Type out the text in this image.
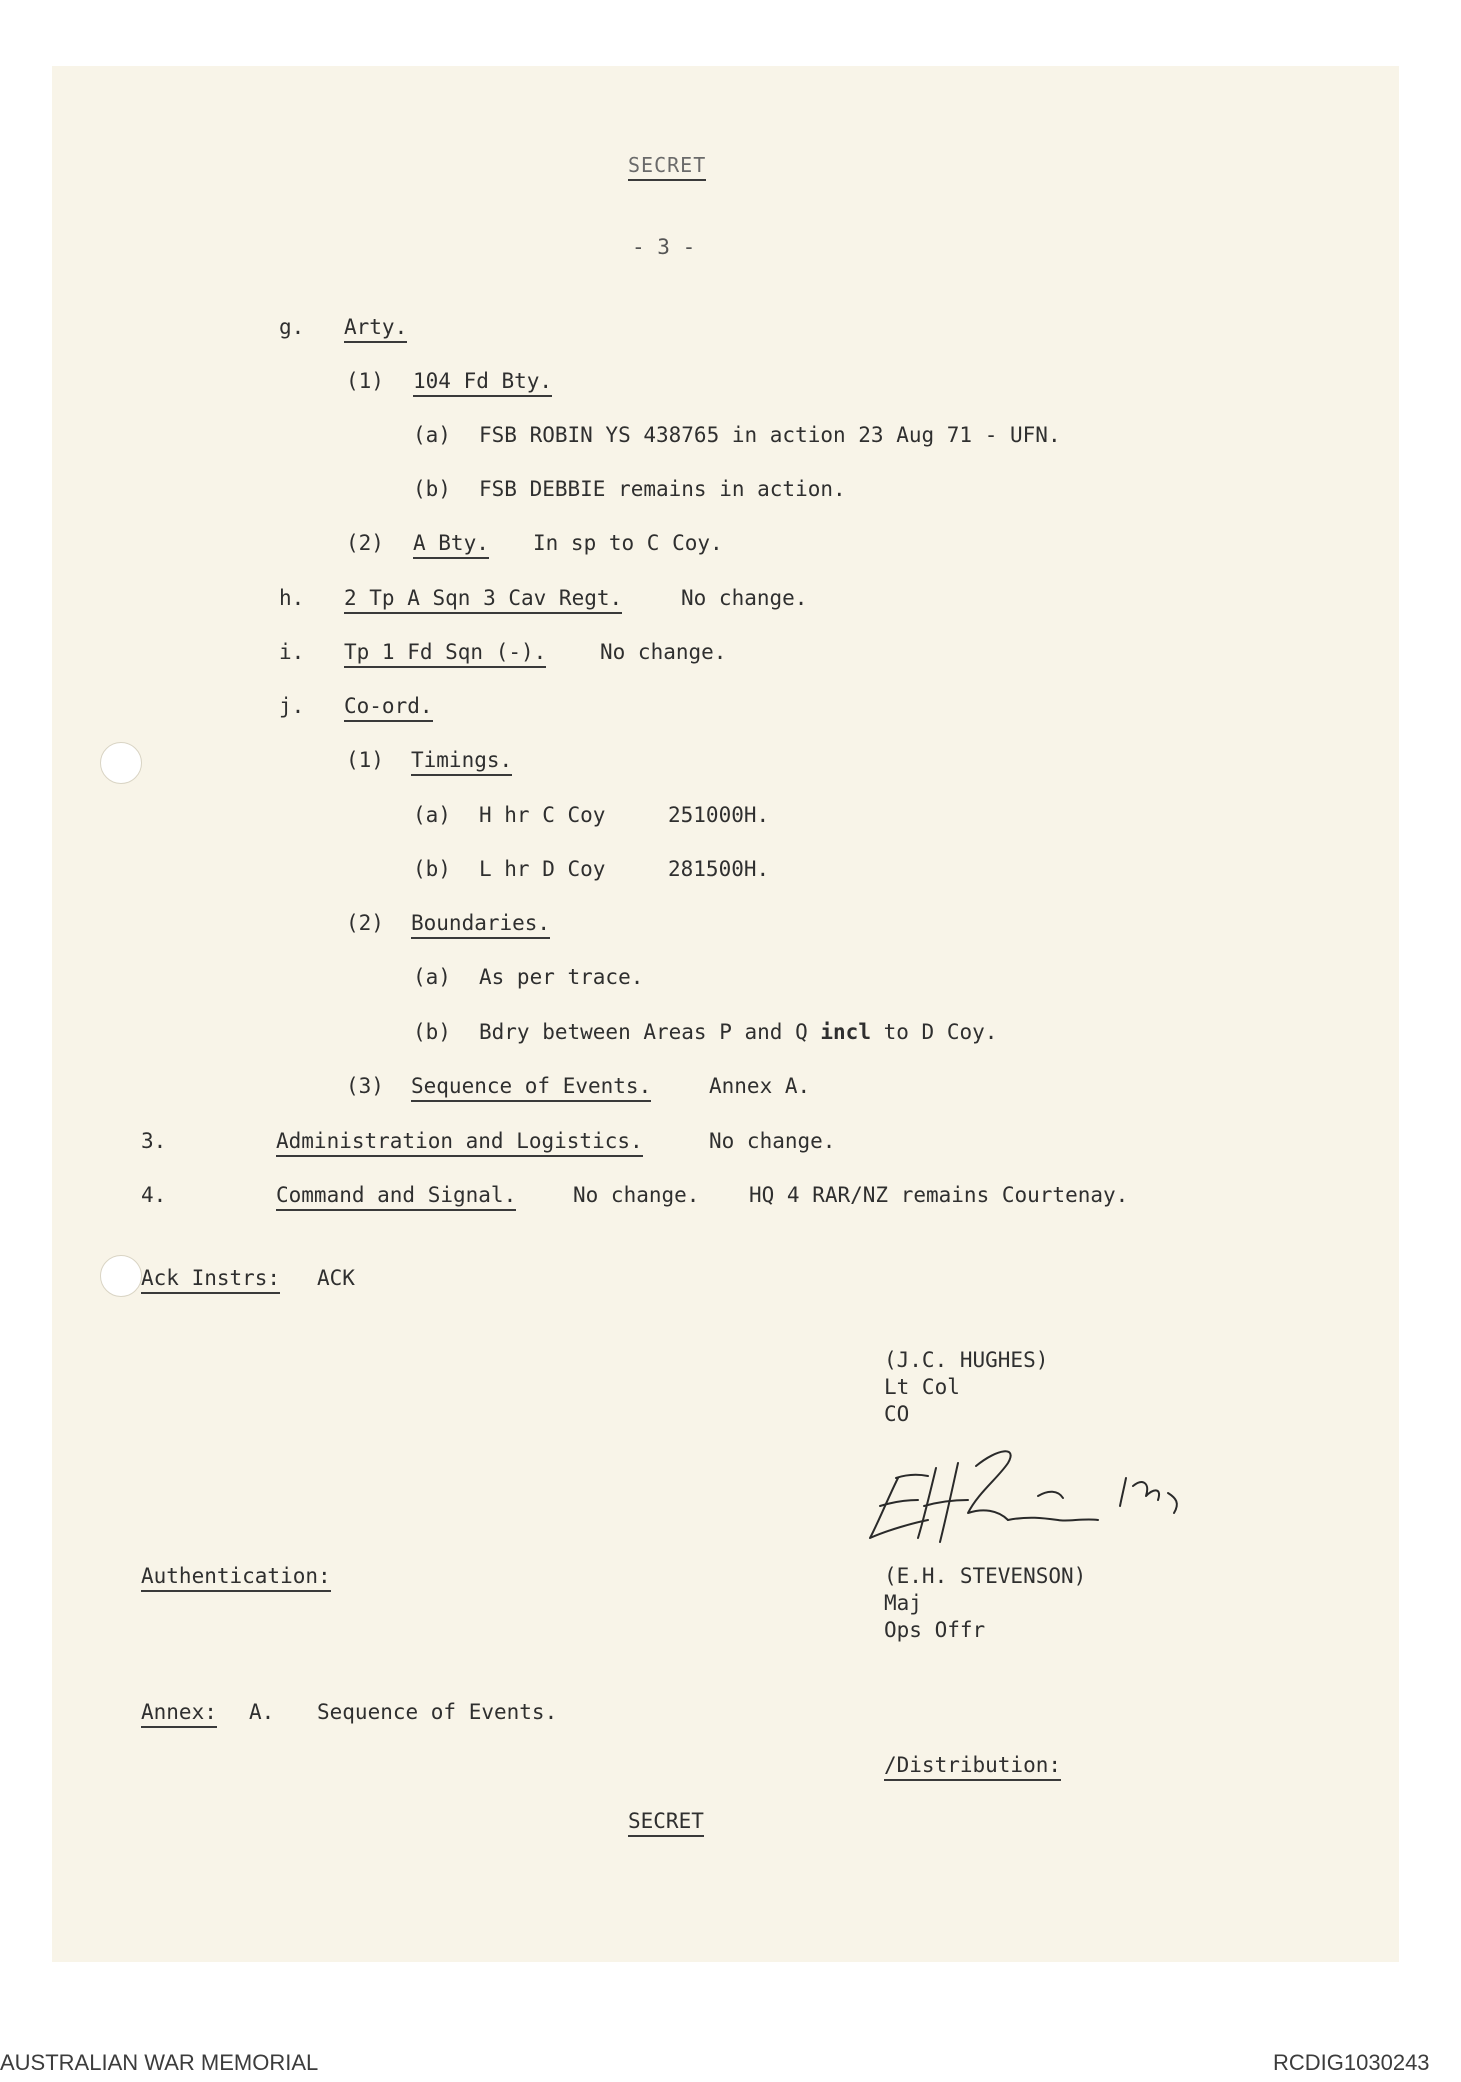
SECRET
- 3 -
g. Arty.
(1) 104 Fd Bty.
(a) FSB ROBIN YS 438765 in action 23 Aug 71 - UFN.
(b) FSB DEBBIE remains in action.
(2) A Bty. In sp to C Coy.
h. 2 Tp A Sqn 3 Cav Regt.	No change.
i. Tp 1 Fd Sqn (-).	No change.
j. Co-ord.
(1) Timings.
(a) H hr C Coy	251000H.
(b) L hr D Coy	281500H.
(2) Boundaries.
(a) As per trace.
(b) Bdry between Areas P and Q incl to D Coy.
(3) Sequence of Events.	Annex A.
3.	Administration and Logistics.	No change.
4.	Command and Signal.	No change. HQ 4 RAR/NZ remains Courtenay.
Ack Instrs: ACK
(J.C. HUGHES)
Lt Col
CO
Authentication:	(E.H. STEVENSON)
Maj
Ops Offr
Annex: A. Sequence of Events.
/Distribution:
SECRET
AUSTRALIAN WAR MEMORIAL	RCDIG1030243
